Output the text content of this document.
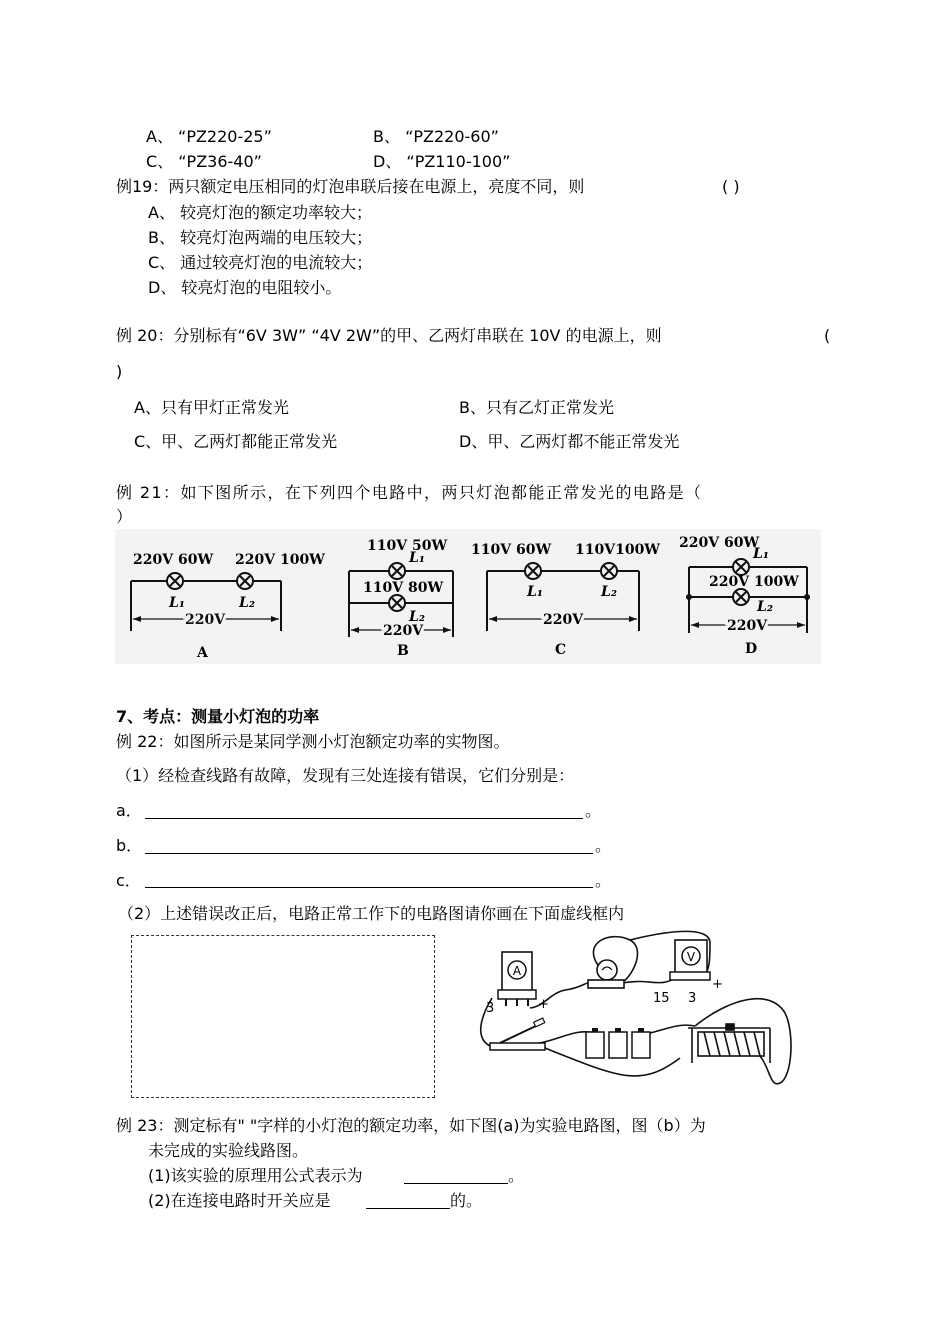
A、 “PZ220-25”	B、 “PZ220-60”
C、 “PZ36-40”	D、 “PZ110-100”
例19：两只额定电压相同的灯泡串联后接在电源上，亮度不同，则	( )
A、 较亮灯泡的额定功率较大；
B、 较亮灯泡两端的电压较大；
C、 通过较亮灯泡的电流较大；
D、 较亮灯泡的电阻较小。
例 20：分别标有“6V 3W” “4V 2W”的甲、乙两灯串联在 10V 的电源上，则	(
)
A、只有甲灯正常发光	B、只有乙灯正常发光
C、甲、乙两灯都能正常发光	D、甲、乙两灯都不能正常发光
例 21：如下图所示，在下列四个电路中，两只灯泡都能正常发光的电路是（
）
220V 60W 220V 100W
L₁	L₂
220V
A
110V 50W
L₁
110V 80W
L₂
220V
B
110V 60W 110V100W
L₁	L₂
220V
C
220V 60W
L₁
220V 100W
L₂
220V
D
7、考点：测量小灯泡的功率
例 22：如图所示是某同学测小灯泡额定功率的实物图。
（1）经检查线路有故障，发现有三处连接有错误，它们分别是：
a．	。
b．	。
c．	。
（2）上述错误改正后，电路正常工作下的电路图请你画在下面虚线框内
A
3	+
V
15 3
+
例 23：测定标有" "字样的小灯泡的额定功率，如下图(a)为实验电路图，图（b）为
未完成的实验线路图。
(1)该实验的原理用公式表示为	。
(2)在连接电路时开关应是	的。
